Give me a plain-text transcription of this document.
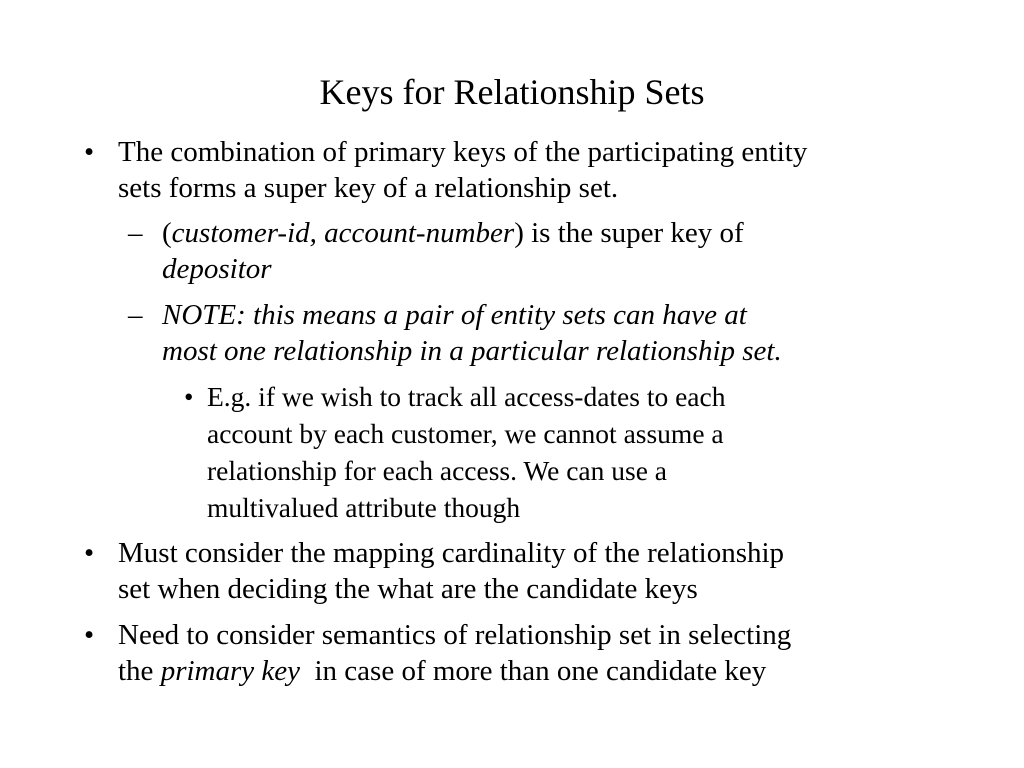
Keys for Relationship Sets
• The combination of primary keys of the participating entity
sets forms a super key of a relationship set.
– (customer-id, account-number) is the super key of
depositor
– NOTE: this means a pair of entity sets can have at
most one relationship in a particular relationship set.
• E.g. if we wish to track all access-dates to each
account by each customer, we cannot assume a
relationship for each access. We can use a
multivalued attribute though
• Must consider the mapping cardinality of the relationship
set when deciding the what are the candidate keys
• Need to consider semantics of relationship set in selecting
the primary key  in case of more than one candidate key
